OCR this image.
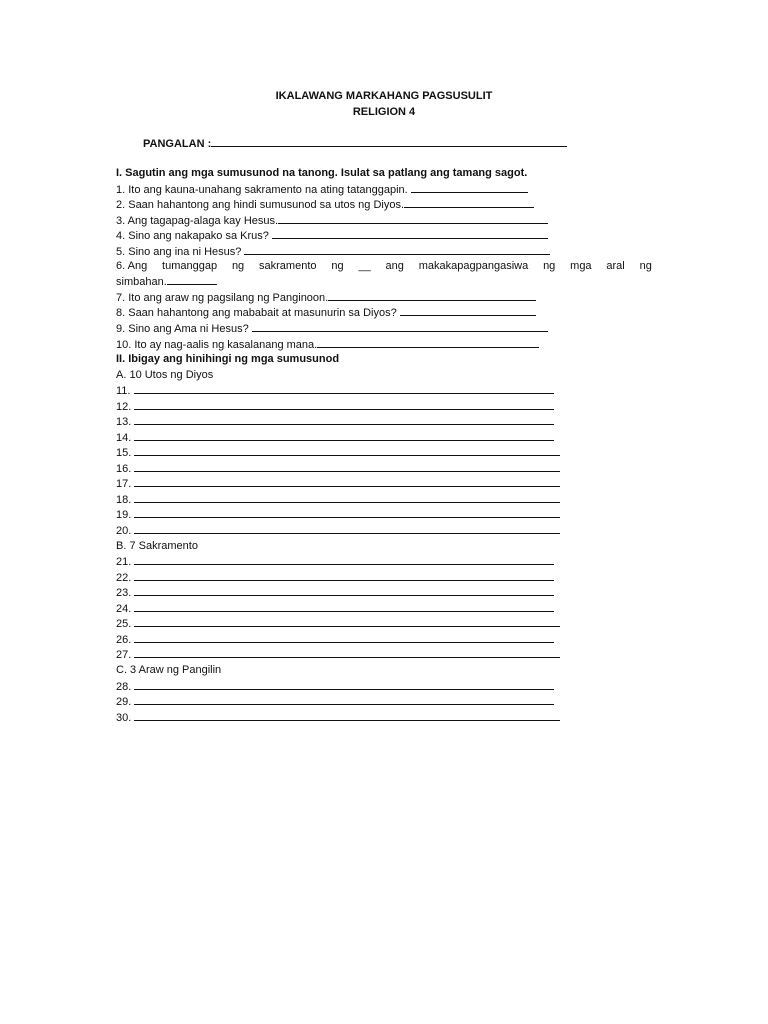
IKALAWANG MARKAHANG PAGSUSULIT
RELIGION 4
PANGALAN :
I. Sagutin ang mga sumusunod na tanong. Isulat sa patlang ang tamang sagot.
1. Ito ang kauna-unahang sakramento na ating tatanggapin.
2. Saan hahantong ang hindi sumusunod sa utos ng Diyos.
3. Ang tagapag-alaga kay Hesus.
4. Sino ang nakapako sa Krus?
5. Sino ang ina ni Hesus?
6. Ang tumanggap ng sakramento ng __ ang makakapagpangasiwa ng mga aral ng
simbahan.
7. Ito ang araw ng pagsilang ng Panginoon.
8. Saan hahantong ang mababait at masunurin sa Diyos?
9. Sino ang Ama ni Hesus?
10. Ito ay nag-aalis ng kasalanang mana.
II. Ibigay ang hinihingi ng mga sumusunod
A. 10 Utos ng Diyos
11.
12.
13.
14.
15.
16.
17.
18.
19.
20.
B. 7 Sakramento
21.
22.
23.
24.
25.
26.
27.
C. 3 Araw ng Pangilin
28.
29.
30.
